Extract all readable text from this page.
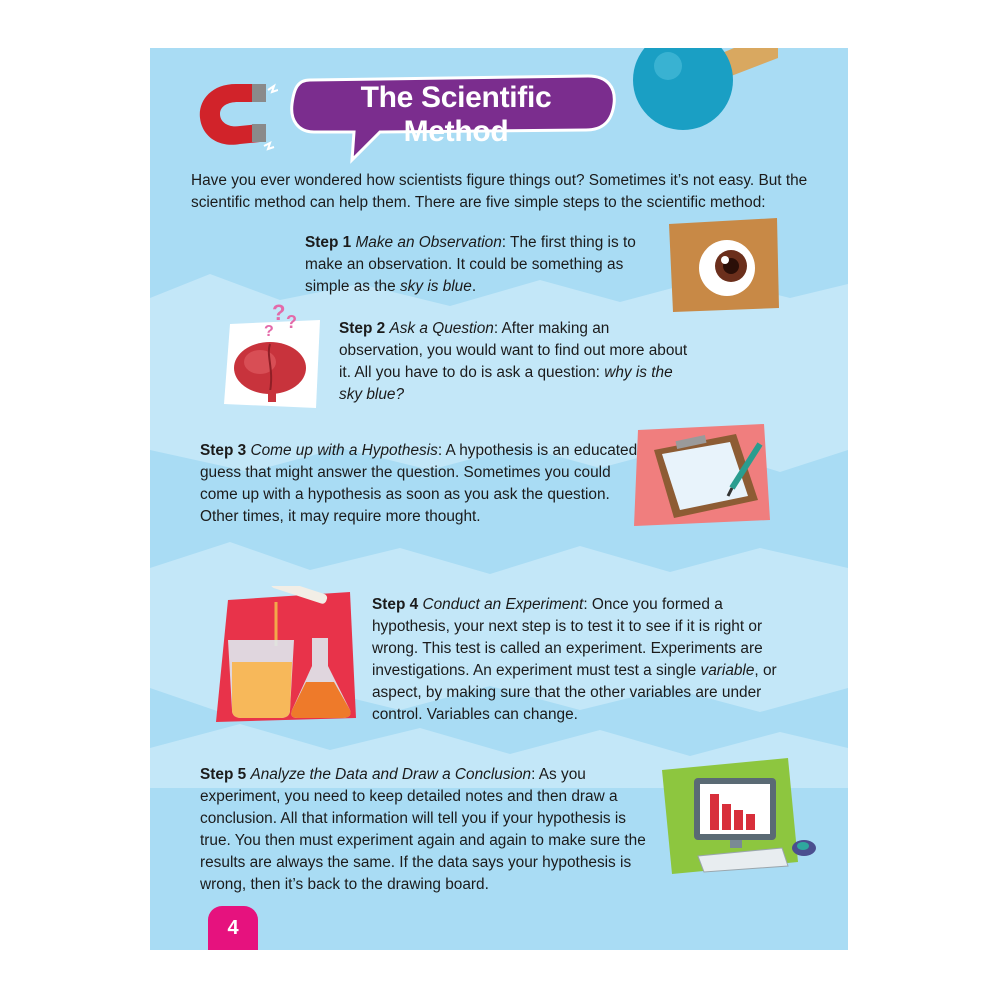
The Scientific Method
Have you ever wondered how scientists figure things out? Sometimes it’s not easy. But the scientific method can help them. There are five simple steps to the scientific method:
Step 1 Make an Observation: The first thing is to make an observation. It could be something as simple as the sky is blue.
? ?
?	Step 2 Ask a Question: After making an observation, you would want to find out more about it. All you have to do is ask a question: why is the sky blue?
Step 3 Come up with a Hypothesis: A hypothesis is an educated guess that might answer the question. Sometimes you could come up with a hypothesis as soon as you ask the question. Other times, it may require more thought.
Step 4 Conduct an Experiment: Once you formed a hypothesis, your next step is to test it to see if it is right or wrong. This test is called an experiment. Experiments are investigations. An experiment must test a single variable, or aspect, by making sure that the other variables are under control. Variables can change.
Step 5 Analyze the Data and Draw a Conclusion: As you experiment, you need to keep detailed notes and then draw a conclusion. All that information will tell you if your hypothesis is true. You then must experiment again and again to make sure the results are always the same. If the data says your hypothesis is wrong, then it’s back to the drawing board.
4
